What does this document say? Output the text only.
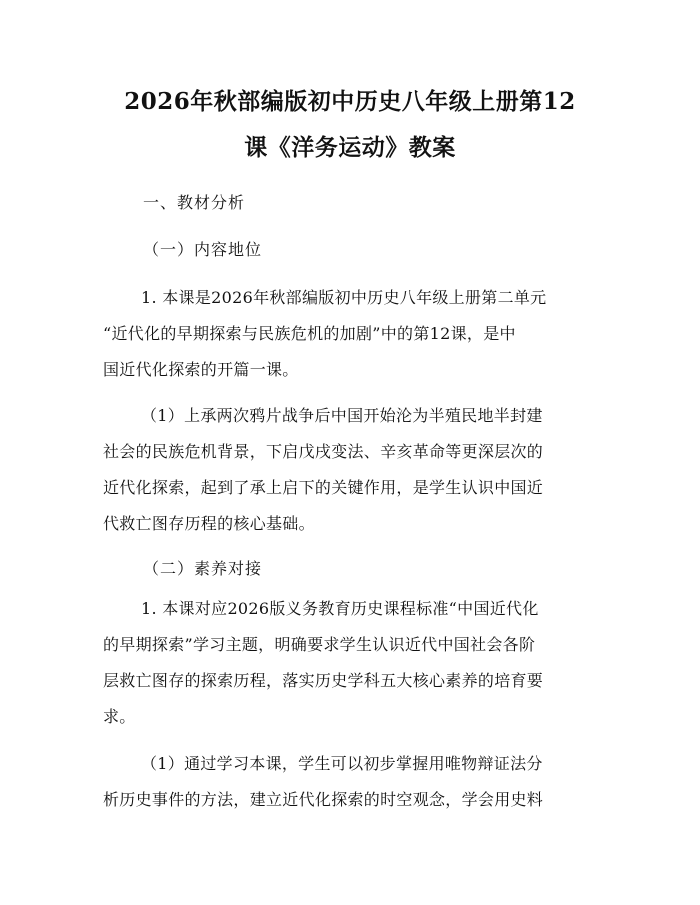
2026年秋部编版初中历史八年级上册第12
课《洋务运动》教案
一、教材分析
（一）内容地位
1. 本课是2026年秋部编版初中历史八年级上册第二单元
“近代化的早期探索与民族危机的加剧”中的第12课，是中
国近代化探索的开篇一课。
（1）上承两次鸦片战争后中国开始沦为半殖民地半封建
社会的民族危机背景，下启戊戌变法、辛亥革命等更深层次的
近代化探索，起到了承上启下的关键作用，是学生认识中国近
代救亡图存历程的核心基础。
（二）素养对接
1. 本课对应2026版义务教育历史课程标准“中国近代化
的早期探索”学习主题，明确要求学生认识近代中国社会各阶
层救亡图存的探索历程，落实历史学科五大核心素养的培育要
求。
（1）通过学习本课，学生可以初步掌握用唯物辩证法分
析历史事件的方法，建立近代化探索的时空观念，学会用史料
